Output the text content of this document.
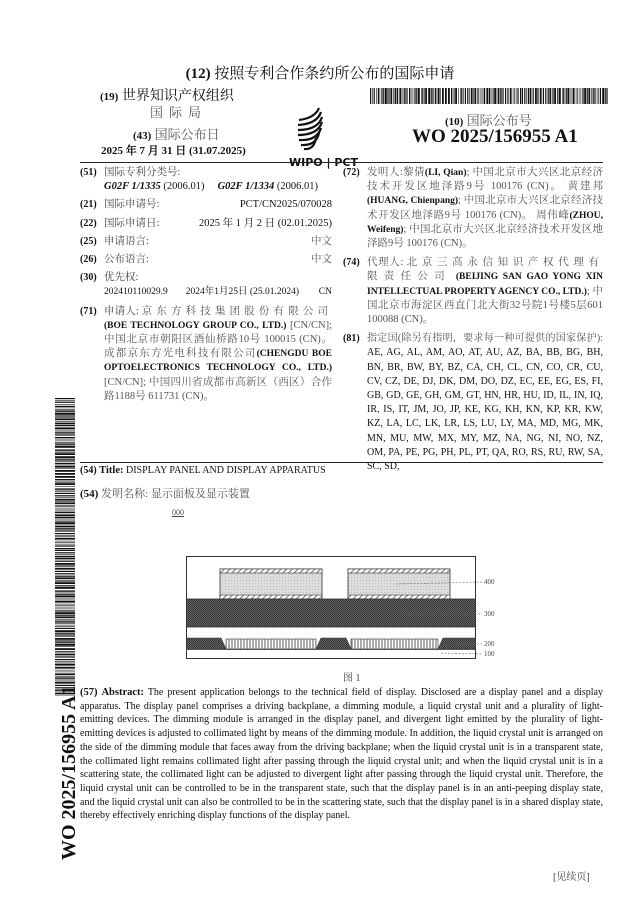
(12) 按照专利合作条约所公布的国际申请
(19) 世界知识产权组织
国际局
(43) 国际公布日
2025 年 7 月 31 日 (31.07.2025)
WIPO | PCT
(10) 国际公布号
WO 2025/156955 A1
(51) 国际专利分类号:
G02F 1/1335 (2006.01) G02F 1/1334 (2006.01)
(21) 国际申请号:	PCT/CN2025/070028
(22) 国际申请日:	2025 年 1 月 2 日 (02.01.2025)
(25) 申请语言:	中文
(26) 公布语言:	中文
(30) 优先权:
202410110029.9 2024年1月25日 (25.01.2024) CN
(71) 申请人: 京东方科技集团股份有限公司(BOE TECHNOLOGY GROUP CO., LTD.) [CN/CN]; 中国北京市朝阳区酒仙桥路10号 100015 (CN)。 成都京东方光电科技有限公司(CHENGDU BOE OPTOELECTRONICS TECHNOLOGY CO., LTD.) [CN/CN]; 中国四川省成都市高新区（西区）合作路1188号 611731 (CN)。
(72) 发明人:黎倩(LI, Qian); 中国北京市大兴区北京经济技术开发区地泽路9号 100176 (CN)。 黄建邦(HUANG, Chienpang); 中国北京市大兴区北京经济技术开发区地泽路9号 100176 (CN)。 周伟峰(ZHOU, Weifeng); 中国北京市大兴区北京经济技术开发区地泽路9号 100176 (CN)。
(74) 代理人: 北京三高永信知识产权代理有限责任公司 (BEIJING SAN GAO YONG XIN INTELLECTUAL PROPERTY AGENCY CO., LTD.); 中国北京市海淀区西直门北大街32号院1号楼5层601 100088 (CN)。
(81) 指定国(除另有指明，要求每一种可提供的国家保护): AE, AG, AL, AM, AO, AT, AU, AZ, BA, BB, BG, BH, BN, BR, BW, BY, BZ, CA, CH, CL, CN, CO, CR, CU, CV, CZ, DE, DJ, DK, DM, DO, DZ, EC, EE, EG, ES, FI, GB, GD, GE, GH, GM, GT, HN, HR, HU, ID, IL, IN, IQ, IR, IS, IT, JM, JO, JP, KE, KG, KH, KN, KP, KR, KW, KZ, LA, LC, LK, LR, LS, LU, LY, MA, MD, MG, MK, MN, MU, MW, MX, MY, MZ, NA, NG, NI, NO, NZ, OM, PA, PE, PG, PH, PL, PT, QA, RO, RS, RU, RW, SA, SC, SD,
WO 2025/156955 A1
(54) Title: DISPLAY PANEL AND DISPLAY APPARATUS
(54) 发明名称: 显示面板及显示装置
000
400
300
200
100
图 1
(57) Abstract: The present application belongs to the technical field of display. Disclosed are a display panel and a display apparatus. The display panel comprises a driving backplane, a dimming module, a liquid crystal unit and a plurality of light-emitting devices. The dimming module is arranged in the display panel, and divergent light emitted by the plurality of light-emitting devices is adjusted to collimated light by means of the dimming module. In addition, the liquid crystal unit is arranged on the side of the dimming module that faces away from the driving backplane; when the liquid crystal unit is in a transparent state, the collimated light remains collimated light after passing through the liquid crystal unit; and when the liquid crystal unit is in a scattering state, the collimated light can be adjusted to divergent light after passing through the liquid crystal unit. Therefore, the liquid crystal unit can be controlled to be in the transparent state, such that the display panel is in an anti-peeping display state, and the liquid crystal unit can also be controlled to be in the scattering state, such that the display panel is in a shared display state, thereby effectively enriching display functions of the display panel.
[见续页]
